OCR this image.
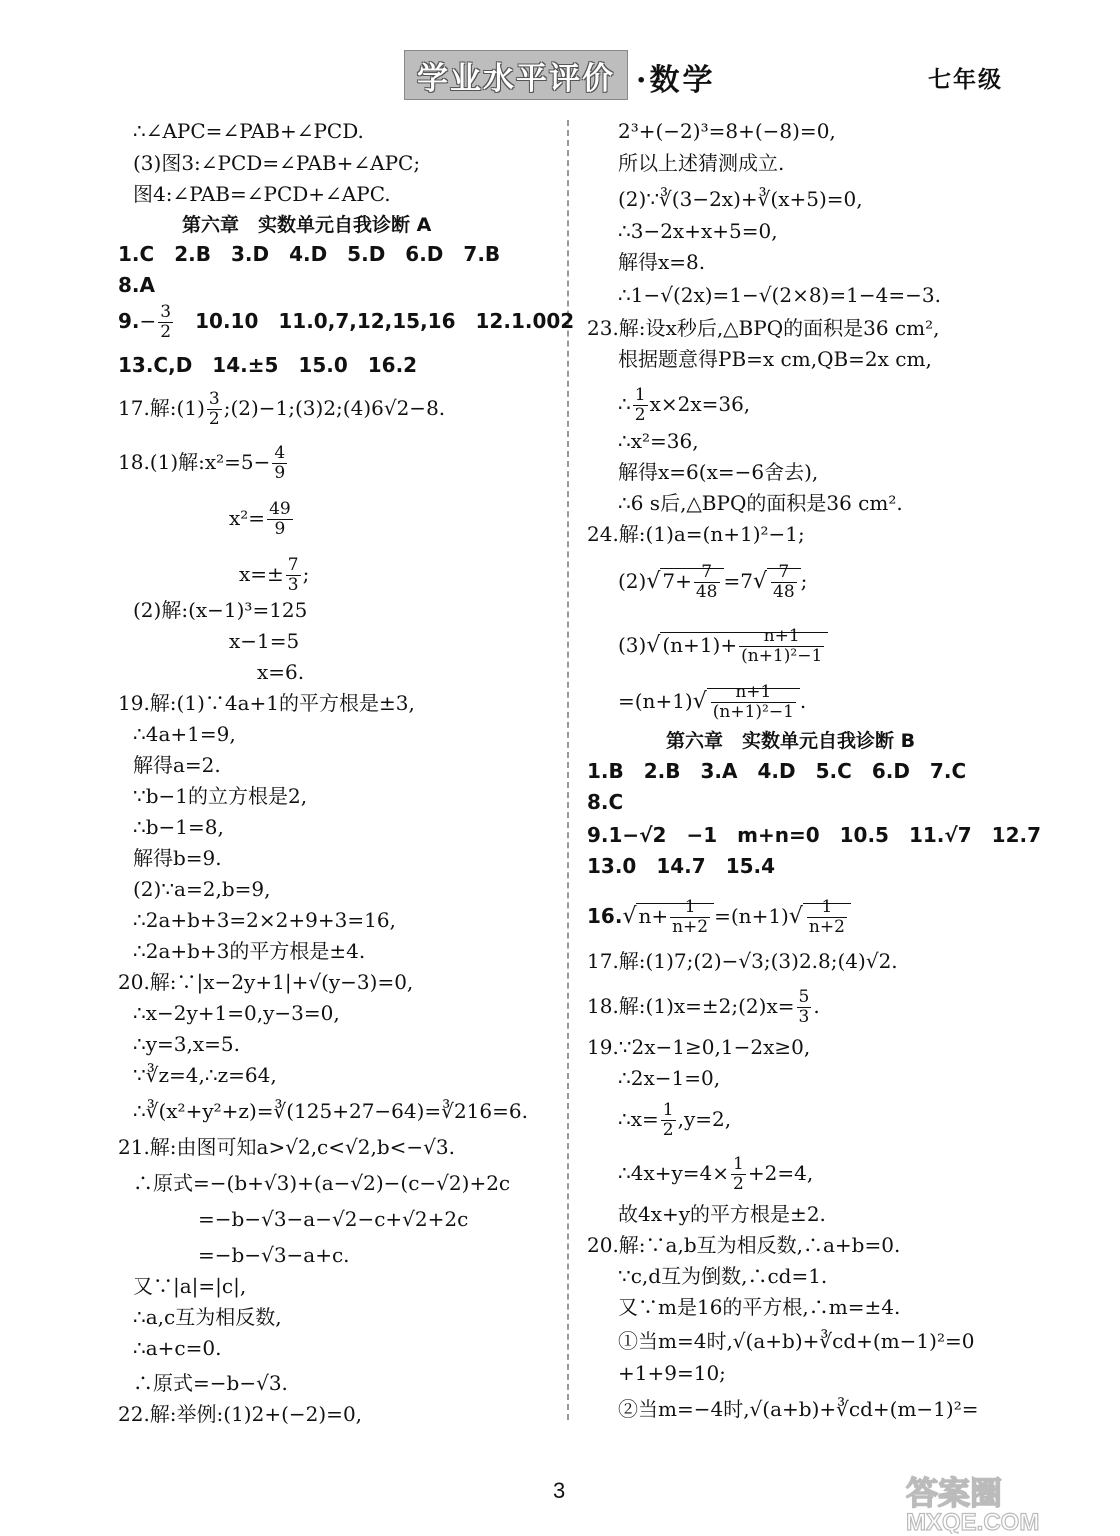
学业水平评价 ·数学	七年级
∴∠APC=∠PAB+∠PCD.
(3)图3:∠PCD=∠PAB+∠APC;
图4:∠PAB=∠PCD+∠APC.
第六章　实数单元自我诊断 A
1.C　2.B　3.D　4.D　5.D　6.D　7.B
8.A
$9.- \frac{3}{2}$ 　10.10　11.0,7,12,15,16　12.1.002
13.C,D　14.±5　15.0　16.2
17.解:(1) $\frac{3}{2}$ ;(2)−1;(3)2;(4)6√2−8.
18.(1)解:x²=5− $\frac{4}{9}$
$x^2= \frac{49}{9}$
$x=\pm \frac{7}{3}$ ;
(2)解:(x−1)³=125
x−1=5
x=6.
19.解:(1)∵4a+1的平方根是±3,
∴4a+1=9,
解得a=2.
∵b−1的立方根是2,
∴b−1=8,
解得b=9.
(2)∵a=2,b=9,
∴2a+b+3=2×2+9+3=16,
∴2a+b+3的平方根是±4.
20.解:∵|x−2y+1|+√(y−3)=0,
∴x−2y+1=0,y−3=0,
∴y=3,x=5.
∵∛z=4,∴z=64,
∴∛(x²+y²+z)=∛(125+27−64)=∛216=6.
21.解:由图可知a>√2,c<√2,b<−√3.
∴原式=−(b+√3)+(a−√2)−(c−√2)+2c
=−b−√3−a−√2−c+√2+2c
=−b−√3−a+c.
又∵|a|=|c|,
∴a,c互为相反数,
∴a+c=0.
∴原式=−b−√3.
22.解:举例:(1)2+(−2)=0,
2³+(−2)³=8+(−8)=0,
所以上述猜测成立.
(2)∵∛(3−2x)+∛(x+5)=0,
∴3−2x+x+5=0,
解得x=8.
∴1−√(2x)=1−√(2×8)=1−4=−3.
23.解:设x秒后,△BPQ的面积是36 cm²,
根据题意得PB=x cm,QB=2x cm,
∴ $\frac{1}{2} x\times 2x=36$,
∴x²=36,
解得x=6(x=−6舍去),
∴6 s后,△BPQ的面积是36 cm².
24.解:(1)a=(n+1)²−1;
(2)√ $7+ \frac{7}{48} =7√ \frac{7}{48}$ ;
(3)√ $(n+1)+ \frac{n+1}{\text{(n+1)²−1}}$
$=(n+1)√ \frac{n+1}{\text{(n+1)²−1}}$ .
第六章　实数单元自我诊断 B
1.B　2.B　3.A　4.D　5.C　6.D　7.C
8.C
9.1−√2　−1　m+n=0　10.5　11.√7　12.7
13.0　14.7　15.4
16.√ $n+ \frac{1}{n+2} =(n+1)√ \frac{1}{n+2}$
17.解:(1)7;(2)−√3;(3)2.8;(4)√2.
18.解:(1)x=±2;(2)x= $\frac{5}{3}$ .
19.∵2x−1≥0,1−2x≥0,
∴2x−1=0,
∴x= $\frac{1}{2} ,y=2$,
∴4x+y=4× $\frac{1}{2} +2=4$,
故4x+y的平方根是±2.
20.解:∵a,b互为相反数,∴a+b=0.
∵c,d互为倒数,∴cd=1.
又∵m是16的平方根,∴m=±4.
①当m=4时,√(a+b)+∛cd+(m−1)²=0
+1+9=10;
②当m=−4时,√(a+b)+∛cd+(m−1)²=
3	答案圈
MXQE.COM
